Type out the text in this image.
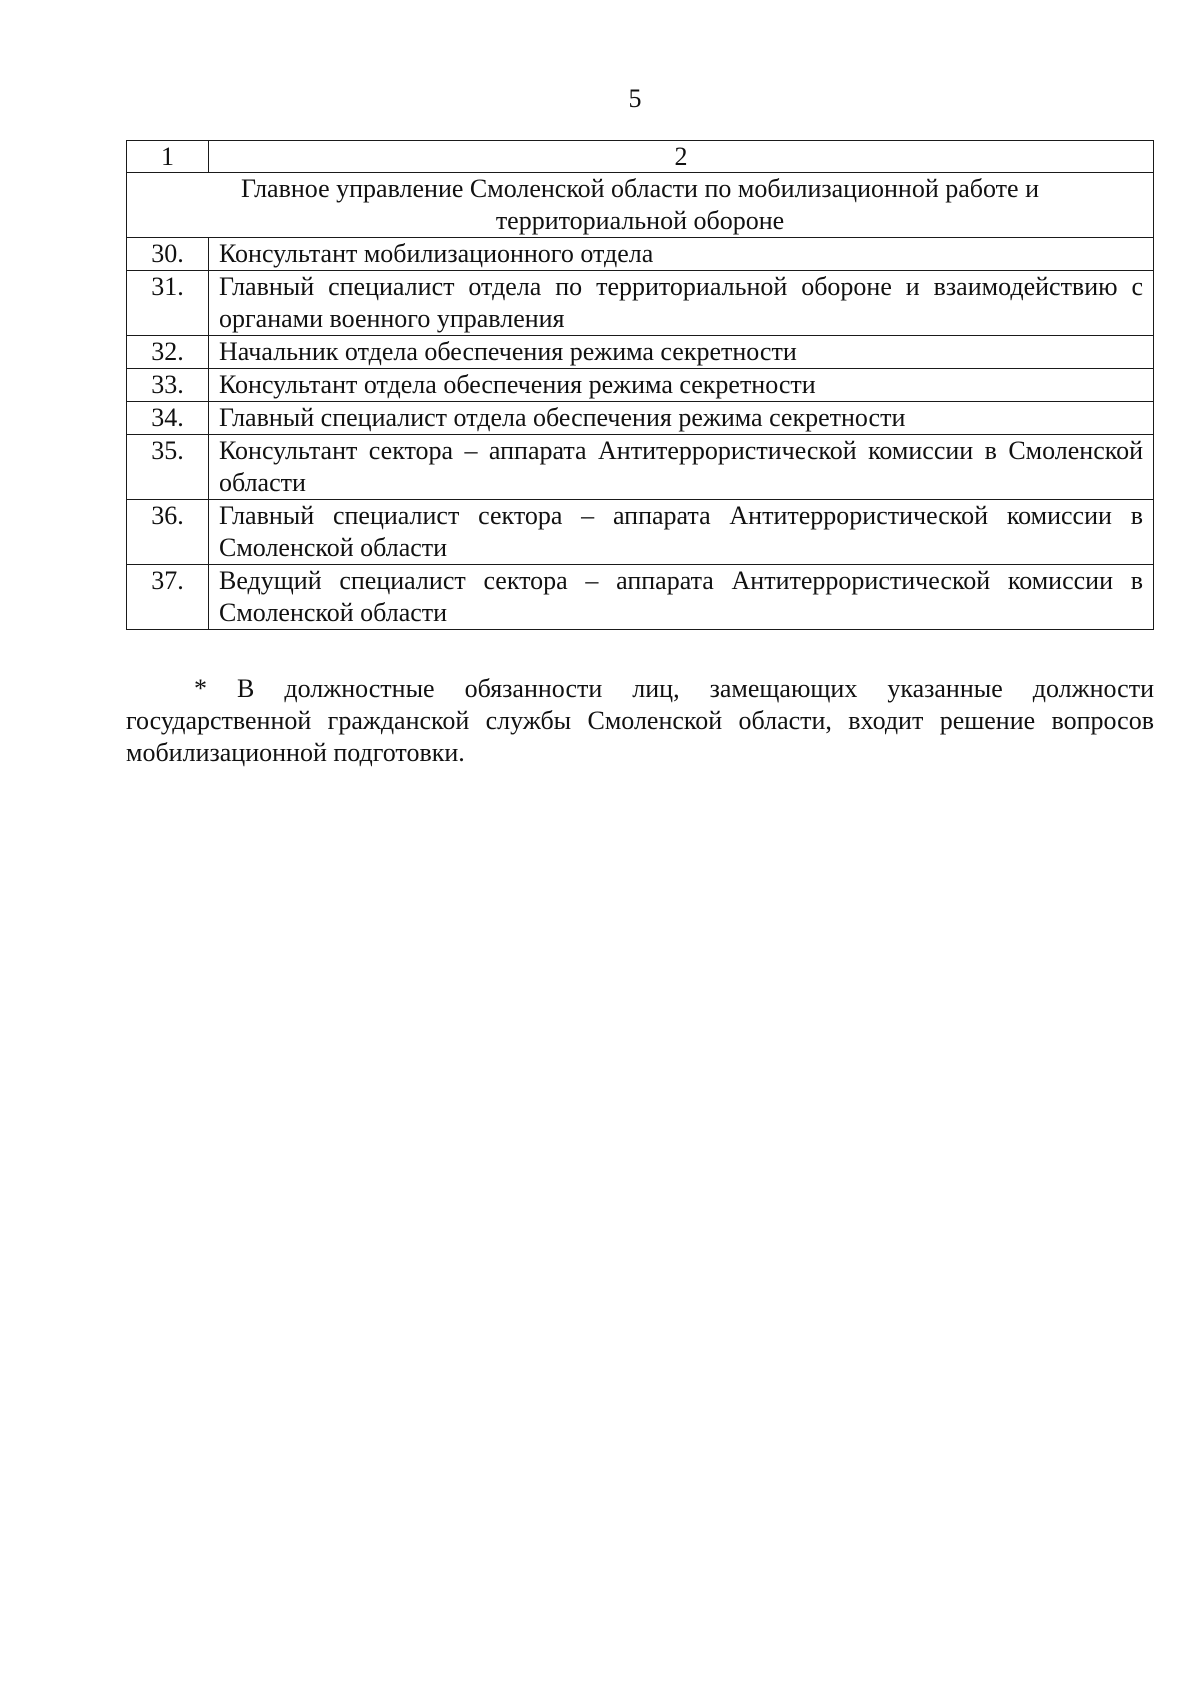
5
1	2
Главное управление Смоленской области по мобилизационной работе и территориальной обороне	
30.	Консультант мобилизационного отдела
31.	Главный специалист отдела по территориальной обороне и взаимодействию с органами военного управления
32.	Начальник отдела обеспечения режима секретности
33.	Консультант отдела обеспечения режима секретности
34.	Главный специалист отдела обеспечения режима секретности
35.	Консультант сектора – аппарата Антитеррористической комиссии в Смоленской области
36.	Главный специалист сектора – аппарата Антитеррористической комиссии в Смоленской области
37.	Ведущий специалист сектора – аппарата Антитеррористической комиссии в Смоленской области
* В должностные обязанности лиц, замещающих указанные должности государственной гражданской службы Смоленской области, входит решение вопросов мобилизационной подготовки.
